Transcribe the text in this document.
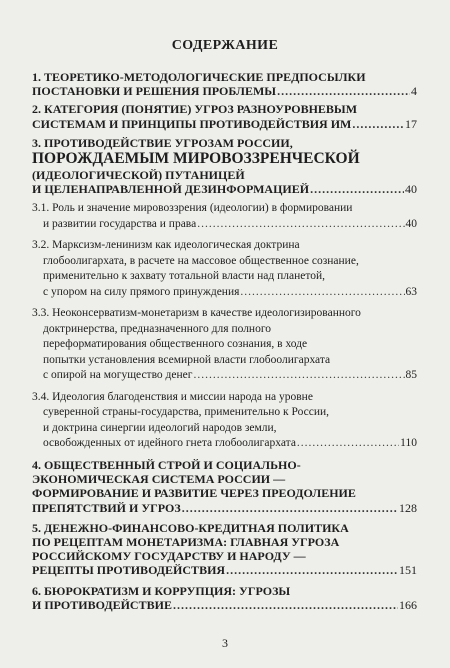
СОДЕРЖАНИЕ
1. ТЕОРЕТИКО-МЕТОДОЛОГИЧЕСКИЕ ПРЕДПОСЫЛКИ
ПОСТАНОВКИ И РЕШЕНИЯ ПРОБЛЕМЫ .....	4
2. КАТЕГОРИЯ (ПОНЯТИЕ) УГРОЗ РАЗНОУРОВНЕВЫМ
СИСТЕМАМ И ПРИНЦИПЫ ПРОТИВОДЕЙСТВИЯ ИМ .....	17
3. ПРОТИВОДЕЙСТВИЕ УГРОЗАМ РОССИИ,
ПОРОЖДАЕМЫМ МИРОВОЗЗРЕНЧЕСКОЙ
(ИДЕОЛОГИЧЕСКОЙ) ПУТАНИЦЕЙ
И ЦЕЛЕНАПРАВЛЕННОЙ ДЕЗИНФОРМАЦИЕЙ .....	40
3.1. Роль и значение мировоззрения (идеологии) в формировании
и развитии государства и права .....	40
3.2. Марксизм-ленинизм как идеологическая доктрина
глобоолигархата, в расчете на массовое общественное сознание,
применительно к захвату тотальной власти над планетой,
с упором на силу прямого принуждения .....	63
3.3. Неоконсерватизм-монетаризм в качестве идеологизированного
доктринерства, предназначенного для полного
переформатирования общественного сознания, в ходе
попытки установления всемирной власти глобоолигархата
с опирой на могущество денег .....	85
3.4. Идеология благоденствия и миссии народа на уровне
суверенной страны-государства, применительно к России,
и доктрина синергии идеологий народов земли,
освобожденных от идейного гнета глобоолигархата .....	110
4. ОБЩЕСТВЕННЫЙ СТРОЙ И СОЦИАЛЬНО-
ЭКОНОМИЧЕСКАЯ СИСТЕМА РОССИИ —
ФОРМИРОВАНИЕ И РАЗВИТИЕ ЧЕРЕЗ ПРЕОДОЛЕНИЕ
ПРЕПЯТСТВИЙ И УГРОЗ .....	128
5. ДЕНЕЖНО-ФИНАНСОВО-КРЕДИТНАЯ ПОЛИТИКА
ПО РЕЦЕПТАМ МОНЕТАРИЗМА: ГЛАВНАЯ УГРОЗА
РОССИЙСКОМУ ГОСУДАРСТВУ И НАРОДУ —
РЕЦЕПТЫ ПРОТИВОДЕЙСТВИЯ .....	151
6. БЮРОКРАТИЗМ И КОРРУПЦИЯ: УГРОЗЫ
И ПРОТИВОДЕЙСТВИЕ .....	166
3
